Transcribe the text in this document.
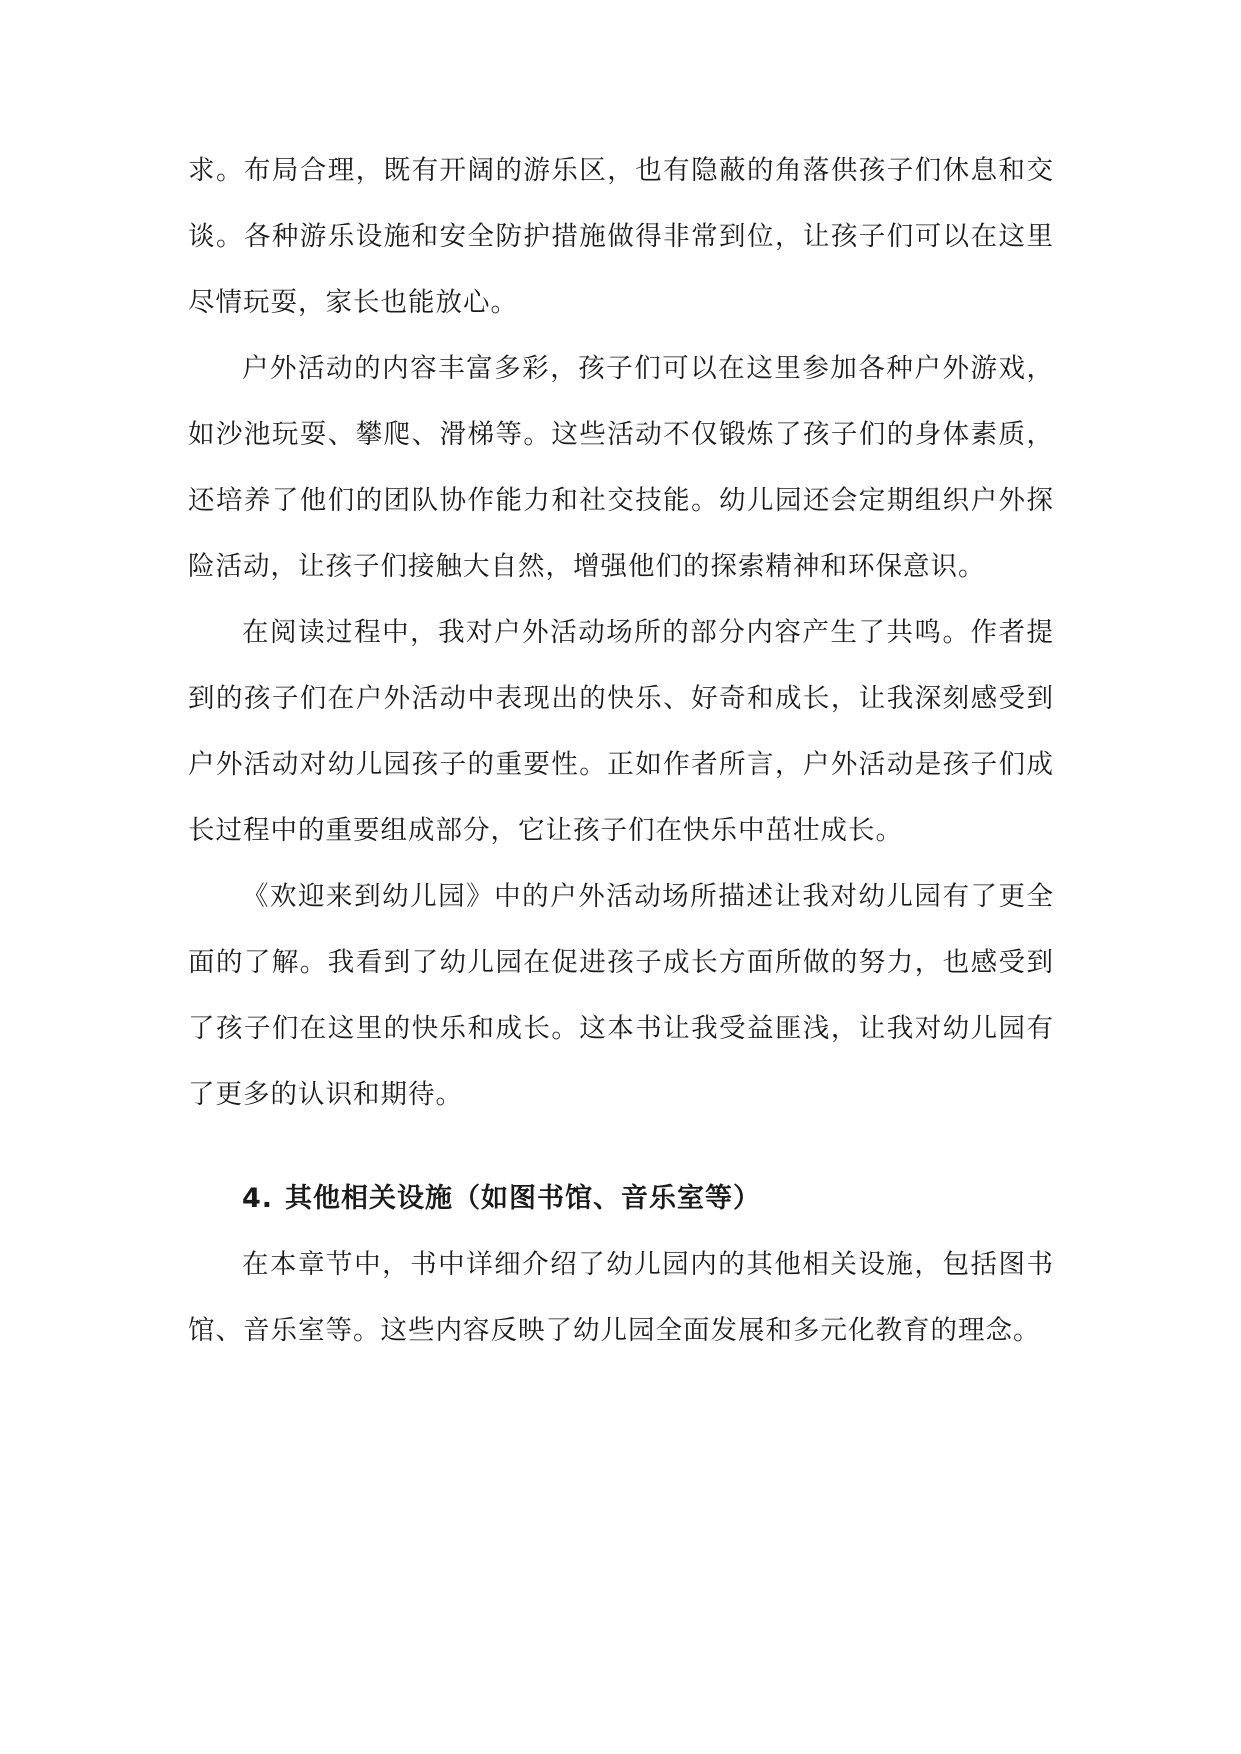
求。布局合理，既有开阔的游乐区，也有隐蔽的角落供孩子们休息和交谈。各种游乐设施和安全防护措施做得非常到位，让孩子们可以在这里尽情玩耍，家长也能放心。

户外活动的内容丰富多彩，孩子们可以在这里参加各种户外游戏，如沙池玩耍、攀爬、滑梯等。这些活动不仅锻炼了孩子们的身体素质，还培养了他们的团队协作能力和社交技能。幼儿园还会定期组织户外探险活动，让孩子们接触大自然，增强他们的探索精神和环保意识。

在阅读过程中，我对户外活动场所的部分内容产生了共鸣。作者提到的孩子们在户外活动中表现出的快乐、好奇和成长，让我深刻感受到户外活动对幼儿园孩子的重要性。正如作者所言，户外活动是孩子们成长过程中的重要组成部分，它让孩子们在快乐中茁壮成长。

《欢迎来到幼儿园》中的户外活动场所描述让我对幼儿园有了更全面的了解。我看到了幼儿园在促进孩子成长方面所做的努力，也感受到了孩子们在这里的快乐和成长。这本书让我受益匪浅，让我对幼儿园有了更多的认识和期待。

4. 其他相关设施（如图书馆、音乐室等）

在本章节中，书中详细介绍了幼儿园内的其他相关设施，包括图书馆、音乐室等。这些内容反映了幼儿园全面发展和多元化教育的理念。
